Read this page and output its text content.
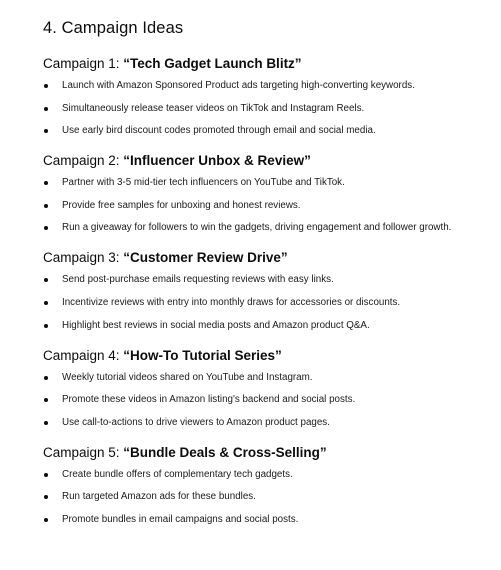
4. Campaign Ideas
Campaign 1: “Tech Gadget Launch Blitz”
Launch with Amazon Sponsored Product ads targeting high-converting keywords.
Simultaneously release teaser videos on TikTok and Instagram Reels.
Use early bird discount codes promoted through email and social media.
Campaign 2: “Influencer Unbox & Review”
Partner with 3-5 mid-tier tech influencers on YouTube and TikTok.
Provide free samples for unboxing and honest reviews.
Run a giveaway for followers to win the gadgets, driving engagement and follower growth.
Campaign 3: “Customer Review Drive”
Send post-purchase emails requesting reviews with easy links.
Incentivize reviews with entry into monthly draws for accessories or discounts.
Highlight best reviews in social media posts and Amazon product Q&A.
Campaign 4: “How-To Tutorial Series”
Weekly tutorial videos shared on YouTube and Instagram.
Promote these videos in Amazon listing's backend and social posts.
Use call-to-actions to drive viewers to Amazon product pages.
Campaign 5: “Bundle Deals & Cross-Selling”
Create bundle offers of complementary tech gadgets.
Run targeted Amazon ads for these bundles.
Promote bundles in email campaigns and social posts.
